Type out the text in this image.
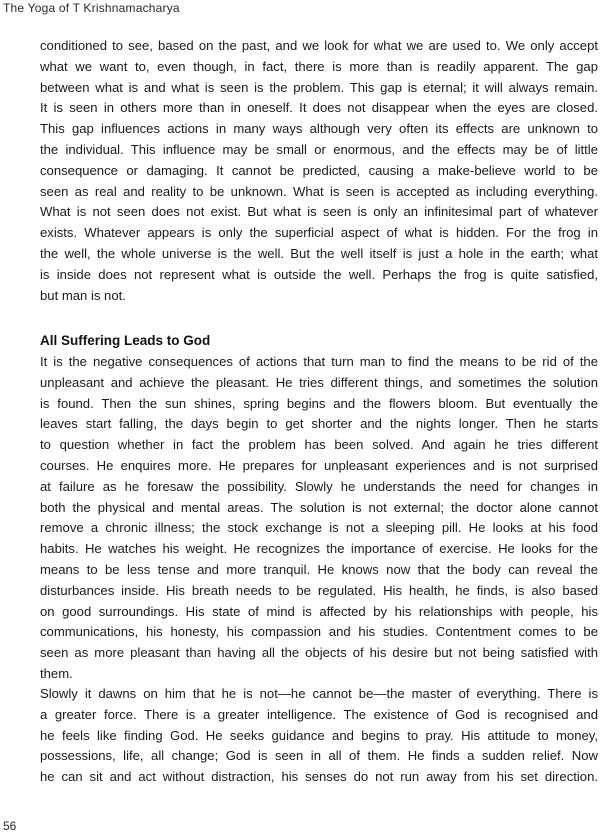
The Yoga of T Krishnamacharya
conditioned to see, based on the past, and we look for what we are used to. We only accept
what we want to, even though, in fact, there is more than is readily apparent. The gap
between what is and what is seen is the problem. This gap is eternal; it will always remain.
It is seen in others more than in oneself. It does not disappear when the eyes are closed.
This gap influences actions in many ways although very often its effects are unknown to
the individual. This influence may be small or enormous, and the effects may be of little
consequence or damaging. It cannot be predicted, causing a make-believe world to be
seen as real and reality to be unknown. What is seen is accepted as including everything.
What is not seen does not exist. But what is seen is only an infinitesimal part of whatever
exists. Whatever appears is only the superficial aspect of what is hidden. For the frog in
the well, the whole universe is the well. But the well itself is just a hole in the earth; what
is inside does not represent what is outside the well. Perhaps the frog is quite satisfied,
but man is not.
All Suffering Leads to God
It is the negative consequences of actions that turn man to find the means to be rid of the
unpleasant and achieve the pleasant. He tries different things, and sometimes the solution
is found. Then the sun shines, spring begins and the flowers bloom. But eventually the
leaves start falling, the days begin to get shorter and the nights longer. Then he starts
to question whether in fact the problem has been solved. And again he tries different
courses. He enquires more. He prepares for unpleasant experiences and is not surprised
at failure as he foresaw the possibility. Slowly he understands the need for changes in
both the physical and mental areas. The solution is not external; the doctor alone cannot
remove a chronic illness; the stock exchange is not a sleeping pill. He looks at his food
habits. He watches his weight. He recognizes the importance of exercise. He looks for the
means to be less tense and more tranquil. He knows now that the body can reveal the
disturbances inside. His breath needs to be regulated. His health, he finds, is also based
on good surroundings. His state of mind is affected by his relationships with people, his
communications, his honesty, his compassion and his studies. Contentment comes to be
seen as more pleasant than having all the objects of his desire but not being satisfied with
them.
Slowly it dawns on him that he is not—he cannot be—the master of everything. There is
a greater force. There is a greater intelligence. The existence of God is recognised and
he feels like finding God. He seeks guidance and begins to pray. His attitude to money,
possessions, life, all change; God is seen in all of them. He finds a sudden relief. Now
he can sit and act without distraction, his senses do not run away from his set direction.
56
